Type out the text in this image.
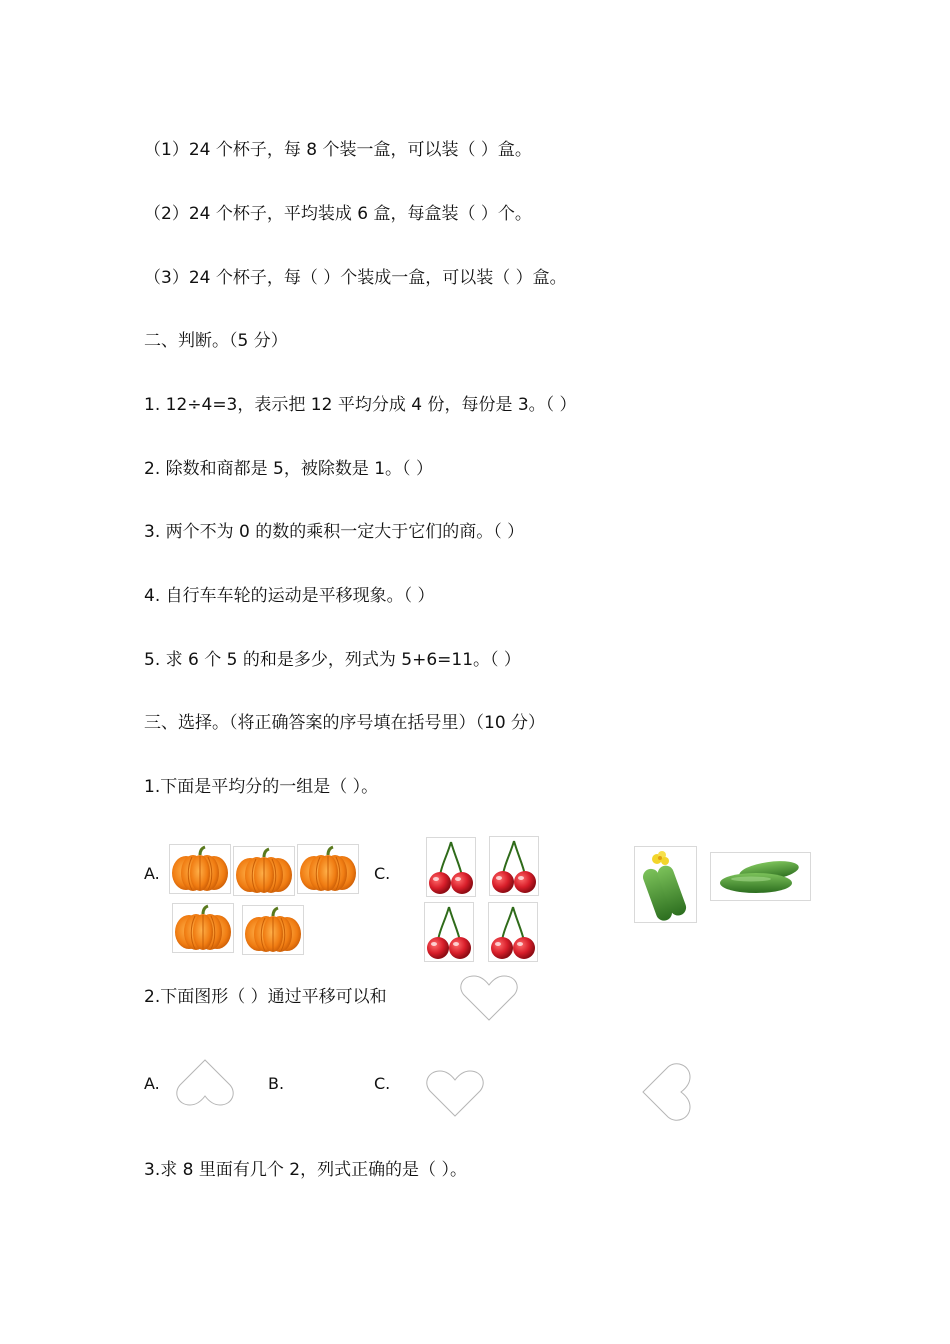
（1）24 个杯子，每 8 个装一盒，可以装（ ）盒。
（2）24 个杯子，平均装成 6 盒，每盒装（ ）个。
（3）24 个杯子，每（ ）个装成一盒，可以装（ ）盒。
二、判断。（5 分）
1. 12÷4=3，表示把 12 平均分成 4 份，每份是 3。（ ）
2. 除数和商都是 5，被除数是 1。（ ）
3. 两个不为 0 的数的乘积一定大于它们的商。（ ）
4. 自行车车轮的运动是平移现象。（ ）
5. 求 6 个 5 的和是多少，列式为 5+6=11。（ ）
三、选择。（将正确答案的序号填在括号里）（10 分）
1.下面是平均分的一组是（ ）。
A.	C.
2.下面图形（ ）通过平移可以和
A.	B.	C.
3.求 8 里面有几个 2，列式正确的是（ ）。
